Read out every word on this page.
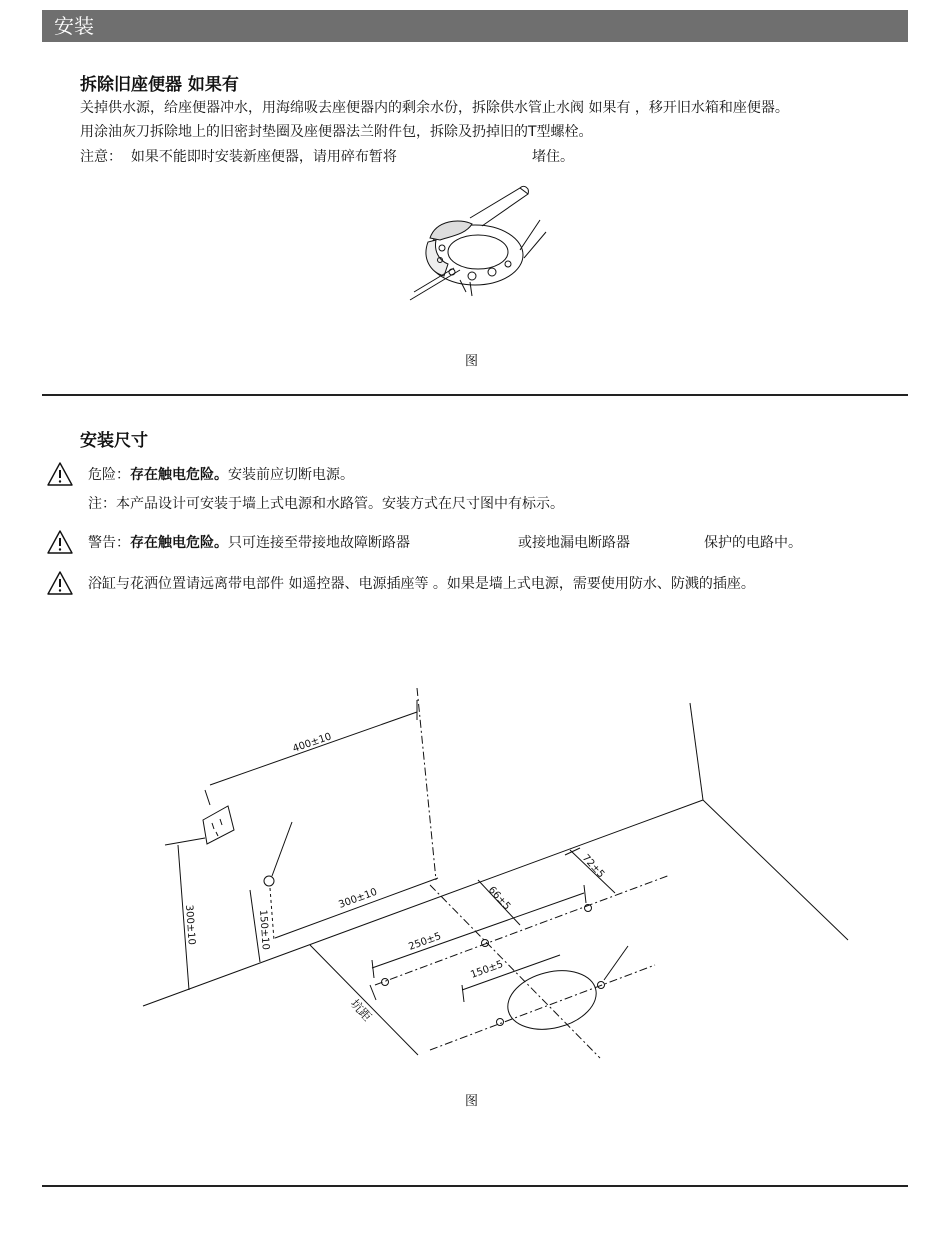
安装
拆除旧座便器 如果有
关掉供水源，给座便器冲水，用海绵吸去座便器内的剩余水份，拆除供水管止水阀 如果有 ，移开旧水箱和座便器。
用涂油灰刀拆除地上的旧密封垫圈及座便器法兰附件包，拆除及扔掉旧的T型螺栓。
注意： 如果不能即时安装新座便器，请用碎布暂将	堵住。
图
安装尺寸
危险：存在触电危险。安装前应切断电源。
注：本产品设计可安装于墙上式电源和水路管。安装方式在尺寸图中有标示。
警告：存在触电危险。只可连接至带接地故障断路器	或接地漏电断路器	保护的电路中。
浴缸与花洒位置请远离带电部件 如遥控器、电源插座等 。如果是墙上式电源，需要使用防水、防溅的插座。
400±10
300±10	150±10
300±10	66±5
72±5
250±5
150±5
坑距
图
